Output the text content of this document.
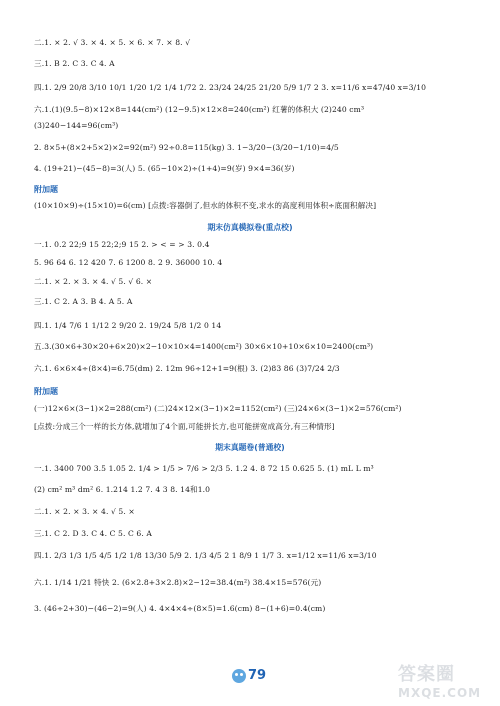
二.1. × 2. √ 3. × 4. × 5. × 6. × 7. × 8. √
三.1. B 2. C 3. C 4. A
四.1. 2/9 20/8 3/10 10/1 1/20 1/2 1/4 1/72 2. 23/24 24/25 21/20 5/9 1/7 2 3. x=11/6 x=47/40 x=3/10
六.1.(1)(9.5−8)×12×8=144(cm²) (12−9.5)×12×8=240(cm²) 红薯的体积大 (2)240 cm³
(3)240−144=96(cm³)
2. 8×5+(8×2+5×2)×2=92(m²) 92÷0.8=115(kg) 3. 1−3/20−(3/20−1/10)=4/5
4. (19+21)−(45−8)=3(人) 5. (65−10×2)÷(1+4)=9(岁) 9×4=36(岁)
附加题
(10×10×9)÷(15×10)=6(cm) [点拨:容器倒了,但水的体积不变,求水的高度利用体积÷底面积解决]
期末仿真模拟卷(重点校)
一.1. 0.2 22;9 15 22;2;9 15 2. > < = > 3. 0.4
5. 96 64 6. 12 420 7. 6 1200 8. 2 9. 36000 10. 4
二.1. × 2. × 3. × 4. √ 5. √ 6. ×
三.1. C 2. A 3. B 4. A 5. A
四.1. 1/4 7/6 1 1/12 2 9/20 2. 19/24 5/8 1/2 0 14
五.3.(30×6+30×20+6×20)×2−10×10×4=1400(cm²) 30×6×10+10×6×10=2400(cm³)
六.1. 6×6×4÷(8×4)=6.75(dm) 2. 12m 96÷12+1=9(根) 3. (2)83 86 (3)7/24 2/3
附加题
(一)12×6×(3−1)×2=288(cm²) (二)24×12×(3−1)×2=1152(cm²) (三)24×6×(3−1)×2=576(cm²)
[点拨:分成三个一样的长方体,就增加了4个面,可能拼长方,也可能拼宽成高分,有三种情形]
期末真题卷(普通校)
一.1. 3400 700 3.5 1.05 2. 1/4 > 1/5 > 7/6 > 2/3 5. 1.2 4. 8 72 15 0.625 5. (1) mL L m³
(2) cm² m³ dm² 6. 1.214 1.2 7. 4 3 8. 14和1.0
二.1. × 2. × 3. × 4. √ 5. ×
三.1. C 2. D 3. C 4. C 5. C 6. A
四.1. 2/3 1/3 1/5 4/5 1/2 1/8 13/30 5/9 2. 1/3 4/5 2 1 8/9 1 1/7 3. x=1/12 x=11/6 x=3/10
六.1. 1/14 1/21 特快 2. (6×2.8+3×2.8)×2−12=38.4(m²) 38.4×15=576(元)
3. (46÷2+30)−(46−2)=9(人) 4. 4×4×4÷(8×5)=1.6(cm) 8−(1+6)=0.4(cm)
79	答案圈
MXQE.COM
